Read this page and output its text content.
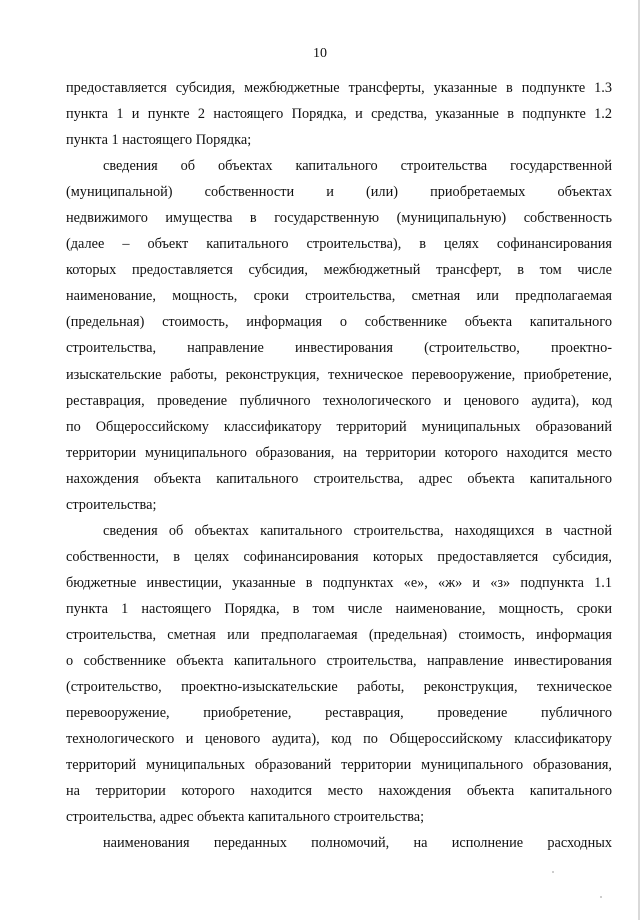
10
предоставляется субсидия, межбюджетные трансферты, указанные в подпункте 1.3
пункта 1 и пункте 2 настоящего Порядка, и средства, указанные в подпункте 1.2
пункта 1 настоящего Порядка;
сведения об объектах капитального строительства государственной
(муниципальной) собственности и (или) приобретаемых объектах
недвижимого имущества в государственную (муниципальную) собственность
(далее – объект капитального строительства), в целях софинансирования
которых предоставляется субсидия, межбюджетный трансферт, в том числе
наименование, мощность, сроки строительства, сметная или предполагаемая
(предельная) стоимость, информация о собственнике объекта капитального
строительства, направление инвестирования (строительство, проектно-
изыскательские работы, реконструкция, техническое перевооружение, приобретение,
реставрация, проведение публичного технологического и ценового аудита), код
по Общероссийскому классификатору территорий муниципальных образований
территории муниципального образования, на территории которого находится место
нахождения объекта капитального строительства, адрес объекта капитального
строительства;
сведения об объектах капитального строительства, находящихся в частной
собственности, в целях софинансирования которых предоставляется субсидия,
бюджетные инвестиции, указанные в подпунктах «е», «ж» и «з» подпункта 1.1
пункта 1 настоящего Порядка, в том числе наименование, мощность, сроки
строительства, сметная или предполагаемая (предельная) стоимость, информация
о собственнике объекта капитального строительства, направление инвестирования
(строительство, проектно-изыскательские работы, реконструкция, техническое
перевооружение, приобретение, реставрация, проведение публичного
технологического и ценового аудита), код по Общероссийскому классификатору
территорий муниципальных образований территории муниципального образования,
на территории которого находится место нахождения объекта капитального
строительства, адрес объекта капитального строительства;
наименования переданных полномочий, на исполнение расходных
